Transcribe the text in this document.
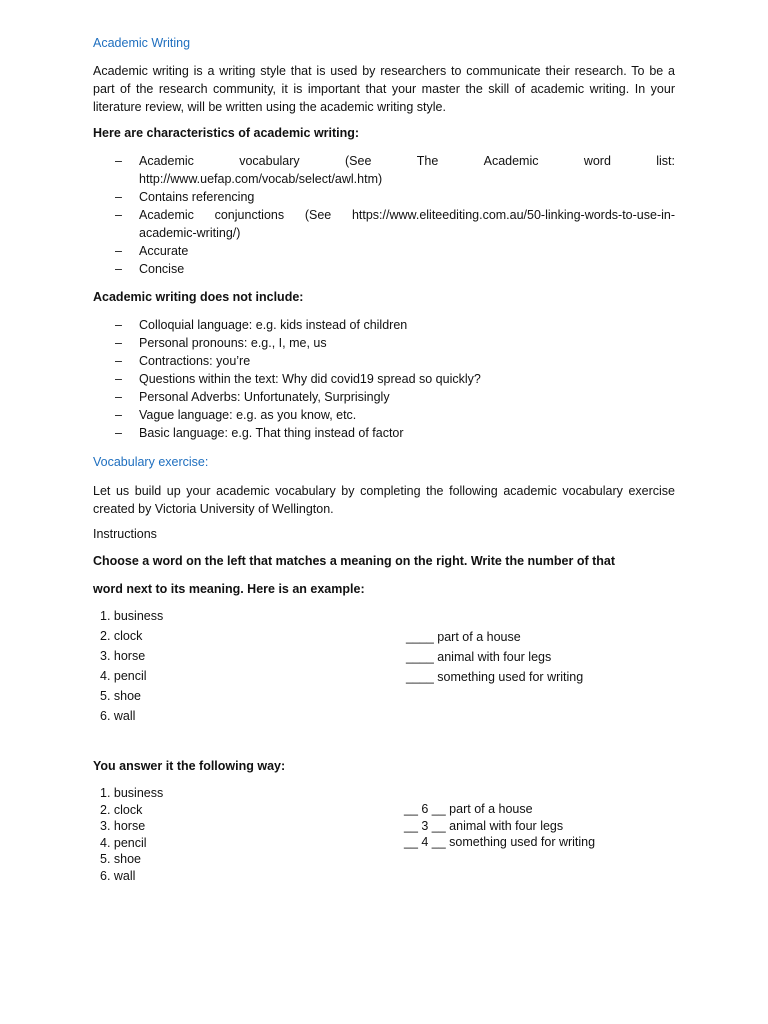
Academic Writing
Academic writing is a writing style that is used by researchers to communicate their research. To be a part of the research community, it is important that your master the skill of academic writing. In your literature review, will be written using the academic writing style.
Here are characteristics of academic writing:
– Academic	vocabulary	(See	The	Academic	word	list:
http://www.uefap.com/vocab/select/awl.htm)
– Contains referencing
– Academic conjunctions (See https://www.eliteediting.com.au/50-linking-words-to-use-in-academic-writing/)
– Accurate
– Concise
Academic writing does not include:
– Colloquial language: e.g. kids instead of children
– Personal pronouns: e.g., I, me, us
– Contractions: you’re
– Questions within the text: Why did covid19 spread so quickly?
– Personal Adverbs: Unfortunately, Surprisingly
– Vague language: e.g. as you know, etc.
– Basic language: e.g. That thing instead of factor
Vocabulary exercise:
Let us build up your academic vocabulary by completing the following academic vocabulary exercise created by Victoria University of Wellington.
Instructions
Choose a word on the left that matches a meaning on the right. Write the number of that
word next to its meaning. Here is an example:
1. business
2. clock
3. horse
4. pencil
5. shoe
6. wall
____ part of a house
____ animal with four legs
____ something used for writing
You answer it the following way:
1. business
2. clock
3. horse
4. pencil
5. shoe
6. wall
__ 6 __ part of a house
__ 3 __ animal with four legs
__ 4 __ something used for writing
